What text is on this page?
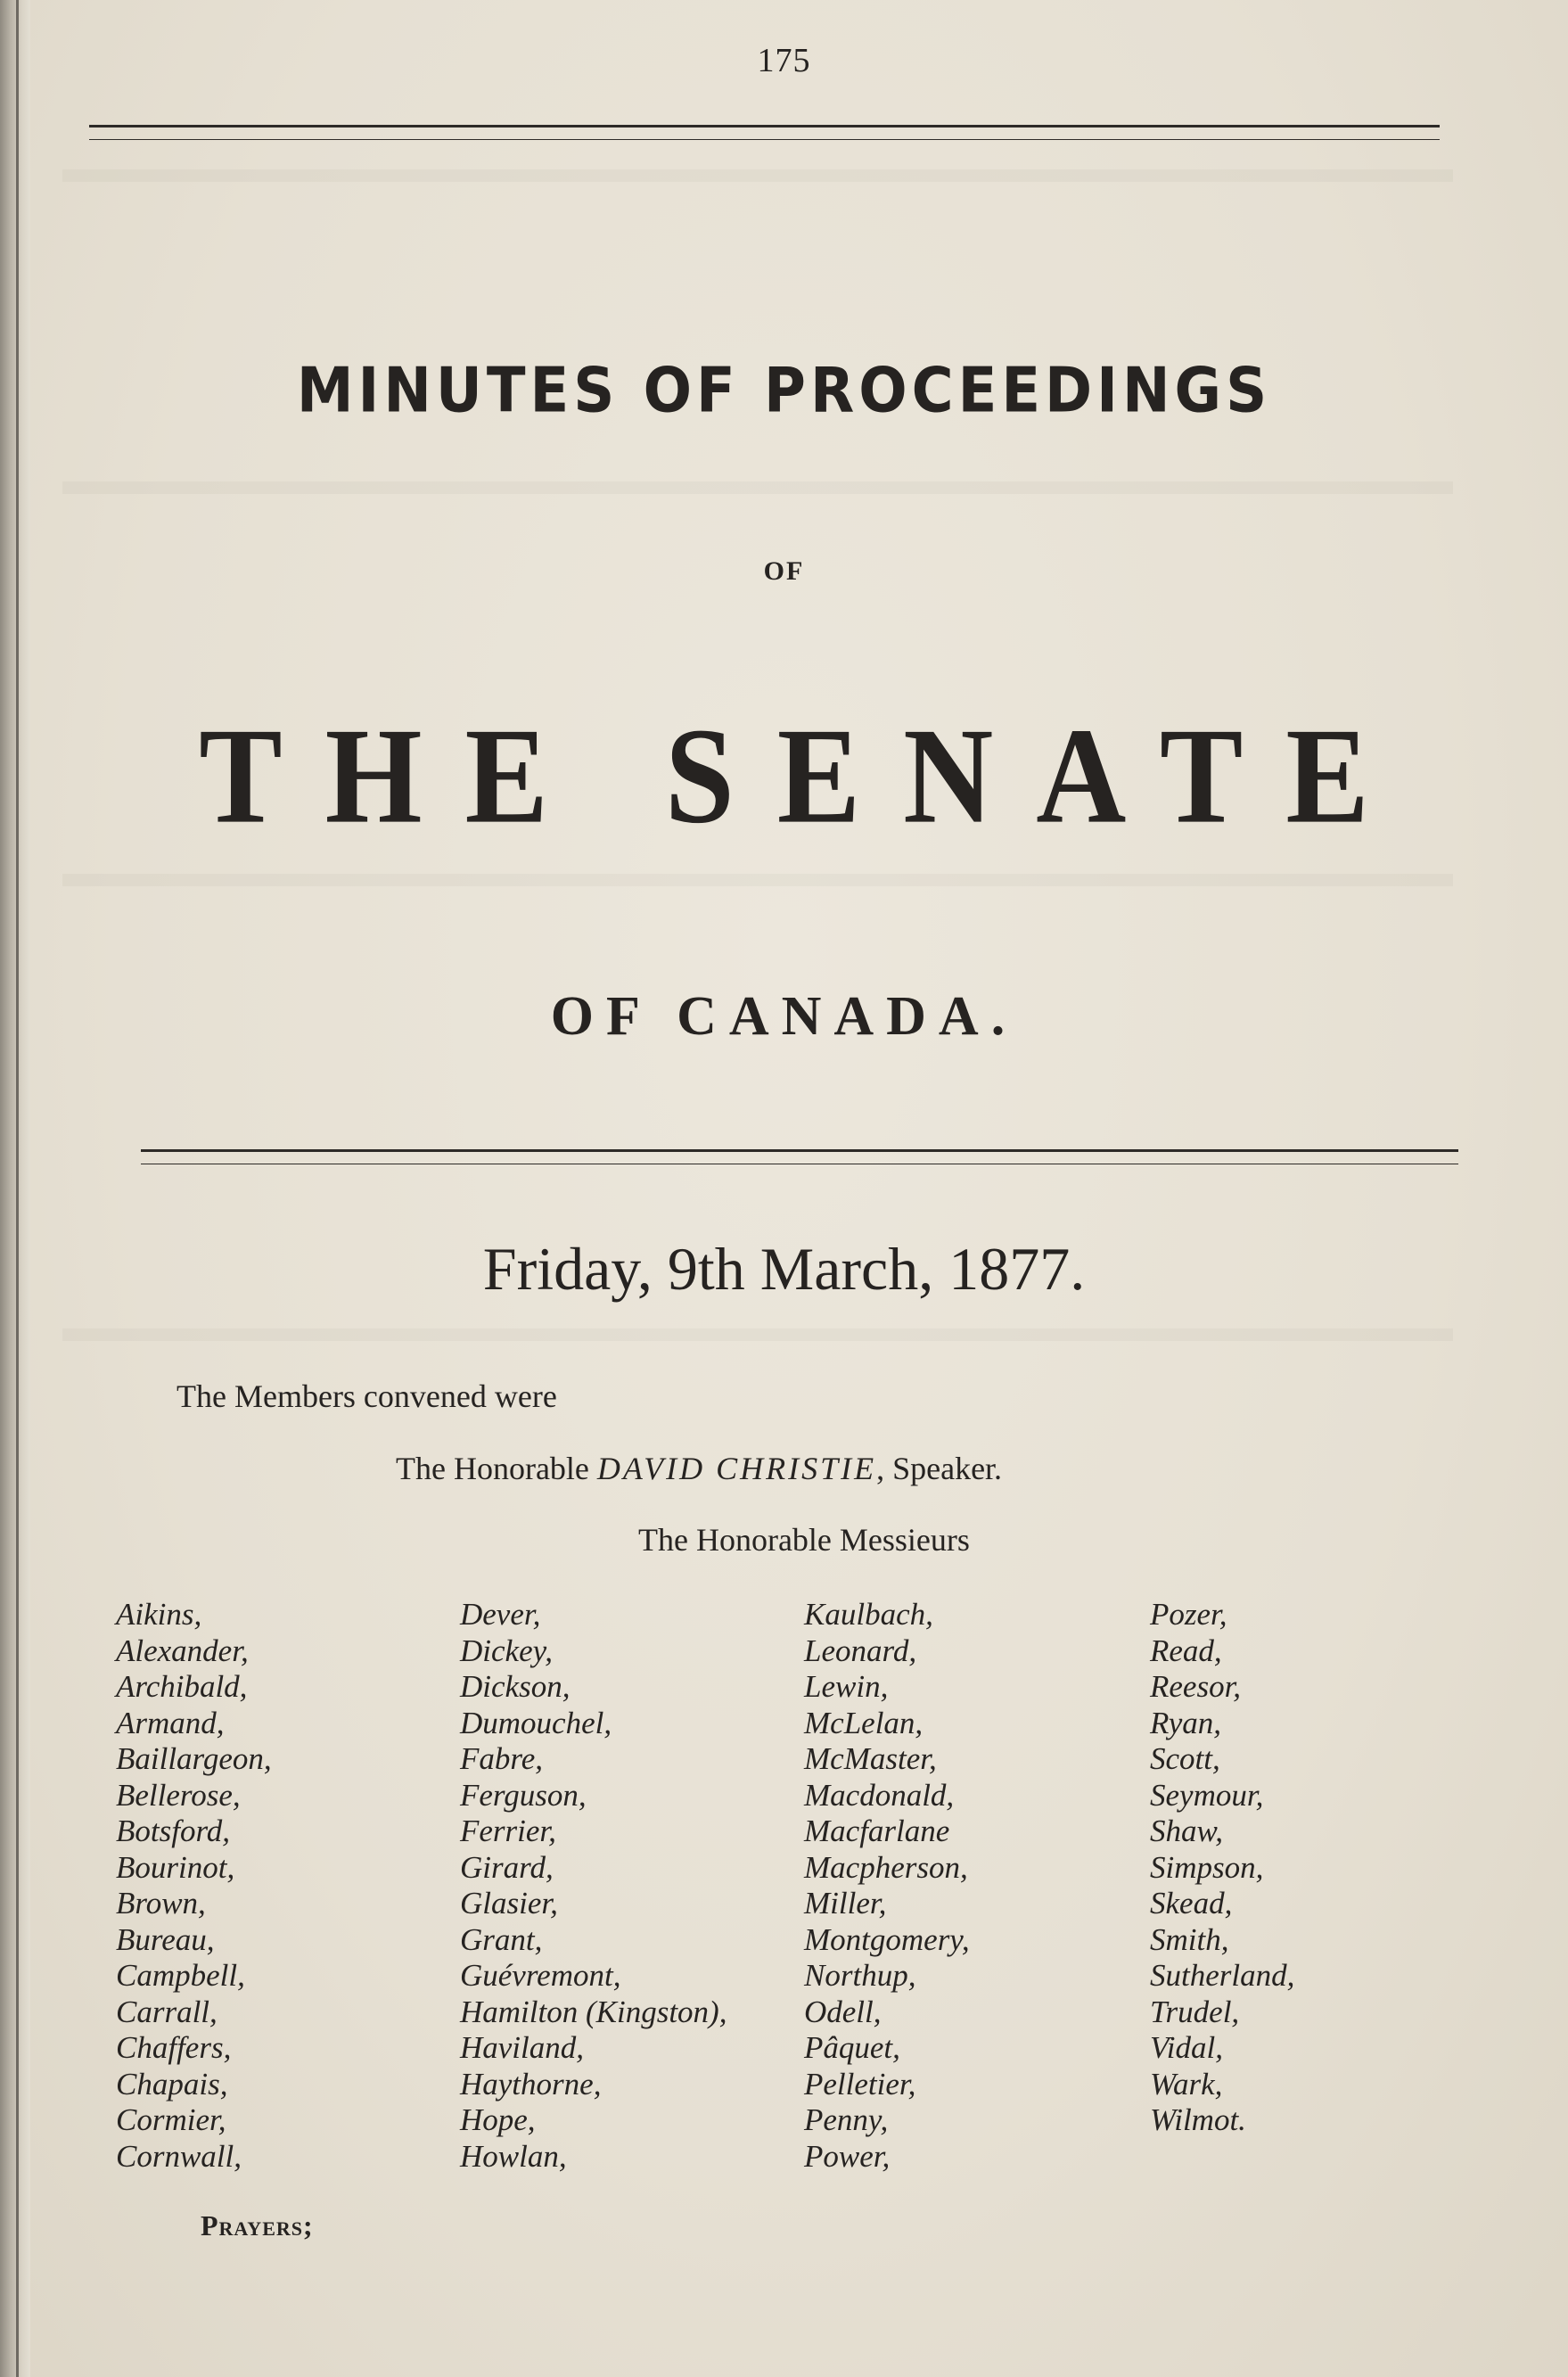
175
MINUTES OF PROCEEDINGS
OF
THE SENATE
OF CANADA.
Friday, 9th March, 1877.
The Members convened were
The Honorable DAVID CHRISTIE, Speaker.
The Honorable Messieurs
Aikins,
Alexander,
Archibald,
Armand,
Baillargeon,
Bellerose,
Botsford,
Bourinot,
Brown,
Bureau,
Campbell,
Carrall,
Chaffers,
Chapais,
Cormier,
Cornwall,
Dever,
Dickey,
Dickson,
Dumouchel,
Fabre,
Ferguson,
Ferrier,
Girard,
Glasier,
Grant,
Guévremont,
Hamilton (Kingston),
Haviland,
Haythorne,
Hope,
Howlan,
Kaulbach,
Leonard,
Lewin,
McLelan,
McMaster,
Macdonald,
Macfarlane
Macpherson,
Miller,
Montgomery,
Northup,
Odell,
Pâquet,
Pelletier,
Penny,
Power,
Pozer,
Read,
Reesor,
Ryan,
Scott,
Seymour,
Shaw,
Simpson,
Skead,
Smith,
Sutherland,
Trudel,
Vidal,
Wark,
Wilmot.
Prayers;
